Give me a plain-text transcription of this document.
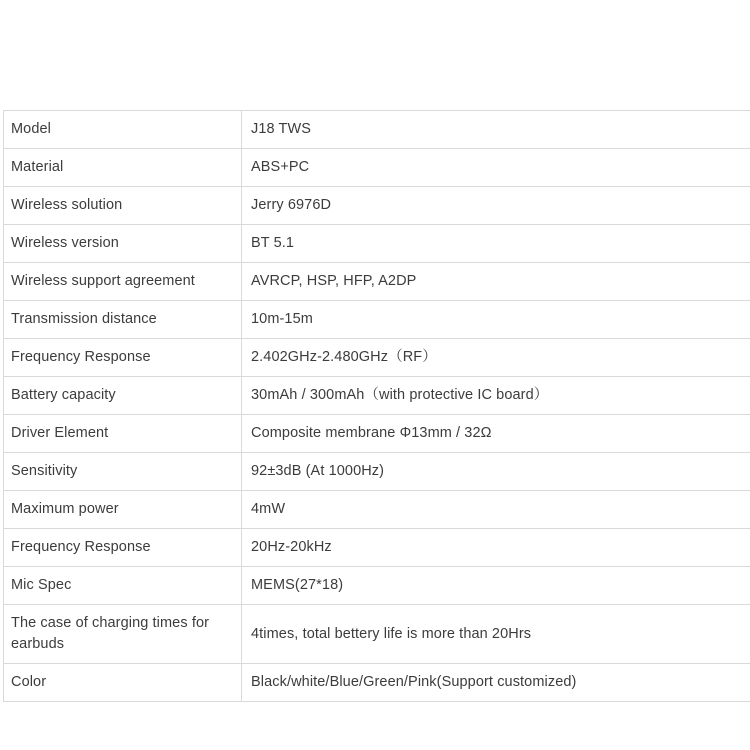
Model	J18 TWS
Material	ABS+PC
Wireless solution	Jerry 6976D
Wireless version	BT 5.1
Wireless support agreement	AVRCP, HSP, HFP, A2DP
Transmission distance	10m-15m
Frequency Response	2.402GHz-2.480GHz（RF）
Battery capacity	30mAh / 300mAh（with protective IC board）
Driver Element	Composite membrane Φ13mm / 32Ω
Sensitivity	92±3dB (At 1000Hz)
Maximum power	4mW
Frequency Response	20Hz-20kHz
Mic Spec	MEMS(27*18)
The case of charging times for earbuds	4times, total bettery life is more than 20Hrs
Color	Black/white/Blue/Green/Pink(Support customized)
